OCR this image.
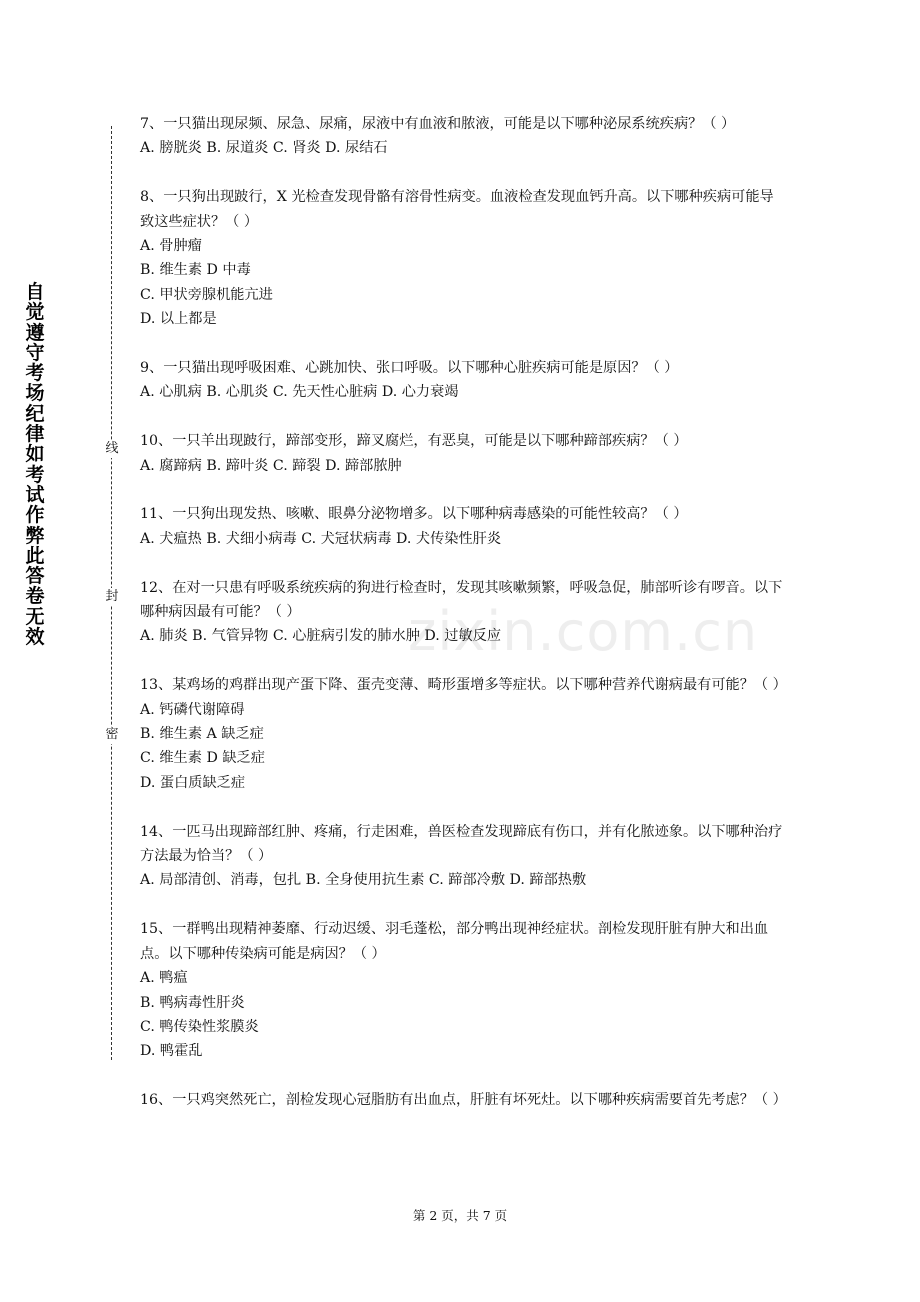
自觉遵守考场纪律如考试作弊此答卷无效
线
封
密
zixin.com.cn

7、一只猫出现尿频、尿急、尿痛，尿液中有血液和脓液，可能是以下哪种泌尿系统疾病？（ ）

A. 膀胱炎 B. 尿道炎 C. 肾炎 D. 尿结石

8、一只狗出现跛行，X 光检查发现骨骼有溶骨性病变。血液检查发现血钙升高。以下哪种疾病可能导致这些症状？（ ）

A. 骨肿瘤

B. 维生素 D 中毒

C. 甲状旁腺机能亢进

D. 以上都是

9、一只猫出现呼吸困难、心跳加快、张口呼吸。以下哪种心脏疾病可能是原因？（ ）

A. 心肌病 B. 心肌炎 C. 先天性心脏病 D. 心力衰竭

10、一只羊出现跛行，蹄部变形，蹄叉腐烂，有恶臭，可能是以下哪种蹄部疾病？（ ）

A. 腐蹄病 B. 蹄叶炎 C. 蹄裂 D. 蹄部脓肿

11、一只狗出现发热、咳嗽、眼鼻分泌物增多。以下哪种病毒感染的可能性较高？（ ）

A. 犬瘟热 B. 犬细小病毒 C. 犬冠状病毒 D. 犬传染性肝炎

12、在对一只患有呼吸系统疾病的狗进行检查时，发现其咳嗽频繁，呼吸急促，肺部听诊有啰音。以下哪种病因最有可能？（ ）

A. 肺炎 B. 气管异物 C. 心脏病引发的肺水肿 D. 过敏反应

13、某鸡场的鸡群出现产蛋下降、蛋壳变薄、畸形蛋增多等症状。以下哪种营养代谢病最有可能？（ ）

A. 钙磷代谢障碍

B. 维生素 A 缺乏症

C. 维生素 D 缺乏症

D. 蛋白质缺乏症

14、一匹马出现蹄部红肿、疼痛，行走困难，兽医检查发现蹄底有伤口，并有化脓迹象。以下哪种治疗方法最为恰当？（ ）

A. 局部清创、消毒，包扎 B. 全身使用抗生素 C. 蹄部冷敷 D. 蹄部热敷

15、一群鸭出现精神萎靡、行动迟缓、羽毛蓬松，部分鸭出现神经症状。剖检发现肝脏有肿大和出血点。以下哪种传染病可能是病因？（ ）

A. 鸭瘟

B. 鸭病毒性肝炎

C. 鸭传染性浆膜炎

D. 鸭霍乱

16、一只鸡突然死亡，剖检发现心冠脂肪有出血点，肝脏有坏死灶。以下哪种疾病需要首先考虑？（ ）

第 2 页，共 7 页
